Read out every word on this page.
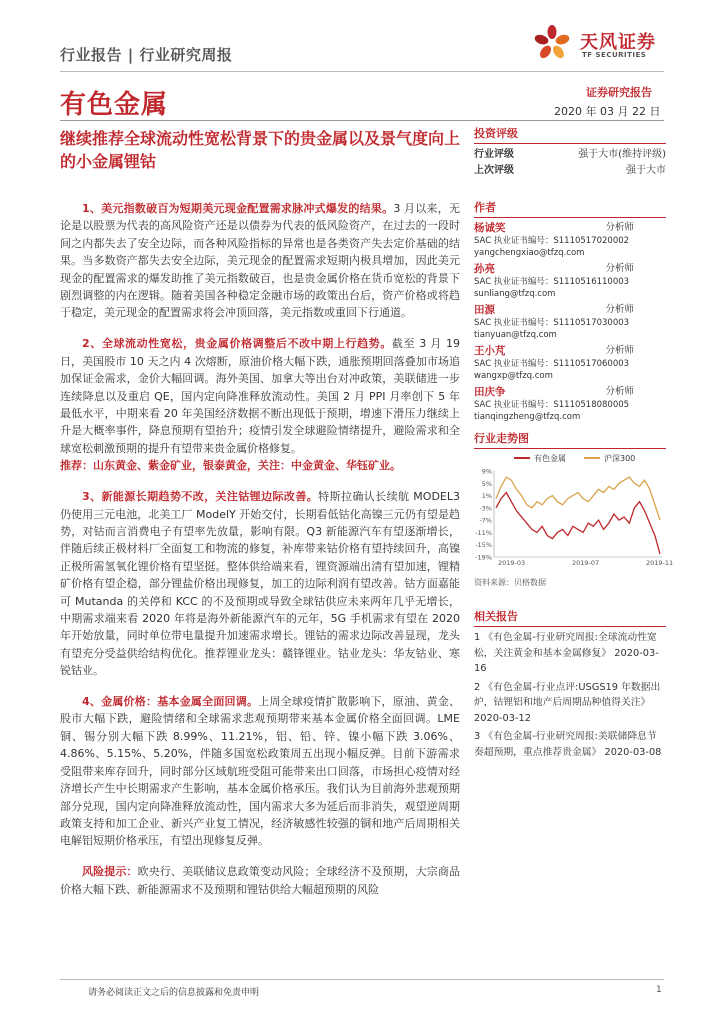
行业报告 | 行业研究周报
天风证券
TF SECURITIES
有色金属	证券研究报告
2020 年 03 月 22 日
继续推荐全球流动性宽松背景下的贵金属以及景气度向上的小金属锂钴

1、美元指数破百为短期美元现金配置需求脉冲式爆发的结果。3 月以来，无论是以股票为代表的高风险资产还是以债券为代表的低风险资产，在过去的一段时间之内都失去了安全边际，而各种风险指标的异常也是各类资产失去定价基础的结果。当多数资产都失去安全边际，美元现金的配置需求短期内极具增加，因此美元现金的配置需求的爆发助推了美元指数破百，也是贵金属价格在货币宽松的背景下剧烈调整的内在逻辑。随着美国各种稳定金融市场的政策出台后，资产价格或将趋于稳定，美元现金的配置需求将会冲顶回落，美元指数或重回下行通道。

2、全球流动性宽松，贵金属价格调整后不改中期上行趋势。截至 3 月 19 日，美国股市 10 天之内 4 次熔断，原油价格大幅下跌，通胀预期回落叠加市场追加保证金需求，金价大幅回调。海外美国、加拿大等出台对冲政策，美联储进一步连续降息以及重启 QE，国内定向降准释放流动性。美国 2 月 PPI 月率创下 5 年最低水平，中期来看 20 年美国经济数据不断出现低于预期，增速下滑压力继续上升是大概率事件，降息预期有望抬升；疫情引发全球避险情绪提升，避险需求和全球宽松刺激预期的提升有望带来贵金属价格修复。

推荐：山东黄金、紫金矿业，银泰黄金，关注：中金黄金、华钰矿业。

3、新能源长期趋势不改，关注钴锂边际改善。特斯拉确认长续航 MODEL3 仍使用三元电池，北美工厂 ModelY 开始交付，长期看低钴化高镍三元仍有望是趋势，对钴而言消费电子有望率先放量，影响有限。Q3 新能源汽车有望逐渐增长，伴随后续正极材料厂全面复工和物流的修复，补库带来钴价格有望持续回升，高镍正极所需氢氧化锂价格有望坚挺。整体供给端来看，锂资源端出清有望加速，锂精矿价格有望企稳，部分锂盐价格出现修复，加工的边际利润有望改善。钴方面嘉能可 Mutanda 的关停和 KCC 的不及预期或导致全球钴供应未来两年几乎无增长，中期需求端来看 2020 年将是海外新能源汽车的元年，5G 手机需求有望在 2020 年开始放量，同时单位带电量提升加速需求增长。锂钴的需求边际改善显现，龙头有望充分受益供给结构优化。推荐锂业龙头：赣锋锂业。钴业龙头：华友钴业、寒锐钴业。

4、金属价格：基本金属全面回调。上周全球疫情扩散影响下，原油、黄金、股市大幅下跌，避险情绪和全球需求悲观预期带来基本金属价格全面回调。LME 铜、锡分别大幅下跌 8.99%、11.21%，铝、铅、锌、镍小幅下跌 3.06%、4.86%、5.15%、5.20%，伴随多国宽松政策周五出现小幅反弹。目前下游需求受阻带来库存回升，同时部分区域航班受阻可能带来出口回落，市场担心疫情对经济增长产生中长期需求产生影响，基本金属价格承压。我们认为目前海外悲观预期部分兑现，国内定向降准释放流动性，国内需求大多为延后而非消失，观望逆周期政策支持和加工企业、新兴产业复工情况，经济敏感性较强的铜和地产后周期相关电解铝短期价格承压，有望出现修复反弹。

风险提示：欧央行、美联储议息政策变动风险；全球经济不及预期，大宗商品价格大幅下跌、新能源需求不及预期和锂钴供给大幅超预期的风险

投资评级
行业评级	强于大市(维持评级)
上次评级	强于大市
作者
杨诚笑	分析师
SAC 执业证书编号：S1110517020002
yangchengxiao@tfzq.com
孙亮	分析师
SAC 执业证书编号：S1110516110003
sunliang@tfzq.com
田源	分析师
SAC 执业证书编号：S1110517030003
tianyuan@tfzq.com
王小芃	分析师
SAC 执业证书编号：S1110517060003
wangxp@tfzq.com
田庆争	分析师
SAC 执业证书编号：S1110518080005
tianqingzheng@tfzq.com
行业走势图
有色金属	沪深300
9%
5%
1%
-3%
-7%
-11%
-15%
-19%
2019-03	2019-07	2019-11
资料来源：贝格数据
相关报告
1 《有色金属-行业研究周报:全球流动性宽松，关注黄金和基本金属修复》 2020-03-16
2 《有色金属-行业点评:USGS19 年数据出炉，钴锂铝和地产后周期品种值得关注》 2020-03-12
3 《有色金属-行业研究周报:美联储降息节奏超预期，重点推荐贵金属》 2020-03-08
请务必阅读正文之后的信息披露和免责申明	1
